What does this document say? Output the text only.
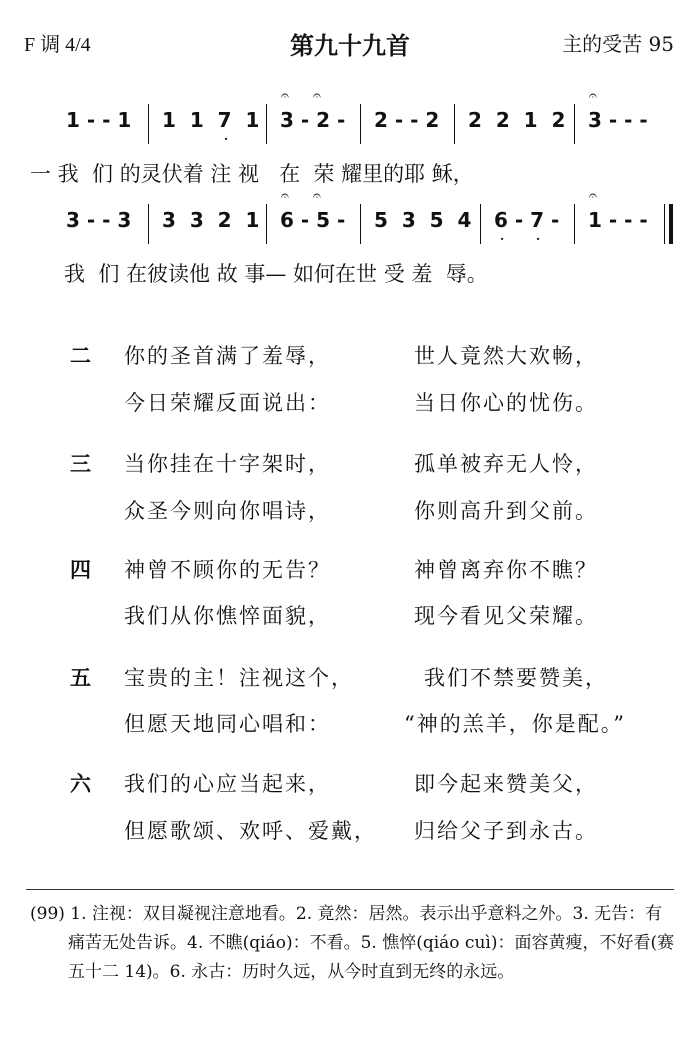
F 调 4/4	第九十九首	主的受苦 95
1 - - 1 1  1  7  1 3 - 2 - 2 - - 2 2  2  1  2 3 - - -
𝄐 𝄐	𝄐
·
一 我  们 的灵伏着 注 视   在  荣 耀里的耶 稣，
3 - - 3 3  3  2  1 6 - 5 - 5  3  5  4 6 - 7 - 1 - - -
𝄐 𝄐	𝄐
·	·
我  们 在彼读他 故 事— 如何在世 受 羞  辱。
二 你的圣首满了羞辱，	世人竟然大欢畅，
今日荣耀反面说出：	当日你心的忧伤。
三 当你挂在十字架时，	孤单被弃无人怜，
众圣今则向你唱诗，	你则高升到父前。
四 神曾不顾你的无告？	神曾离弃你不瞧？
我们从你憔悴面貌，	现今看见父荣耀。
五 宝贵的主！注视这个，	我们不禁要赞美，
但愿天地同心唱和：	“神的羔羊，你是配。”
六 我们的心应当起来，	即今起来赞美父，
但愿歌颂、欢呼、爱戴， 归给父子到永古。
(99) 1. 注视：双目凝视注意地看。2. 竟然：居然。表示出乎意料之外。3. 无告：有痛苦无处告诉。4. 不瞧(qiáo)：不看。5. 憔悴(qiáo cuì)：面容黄瘦，不好看(赛五十二 14)。6. 永古：历时久远，从今时直到无终的永远。
